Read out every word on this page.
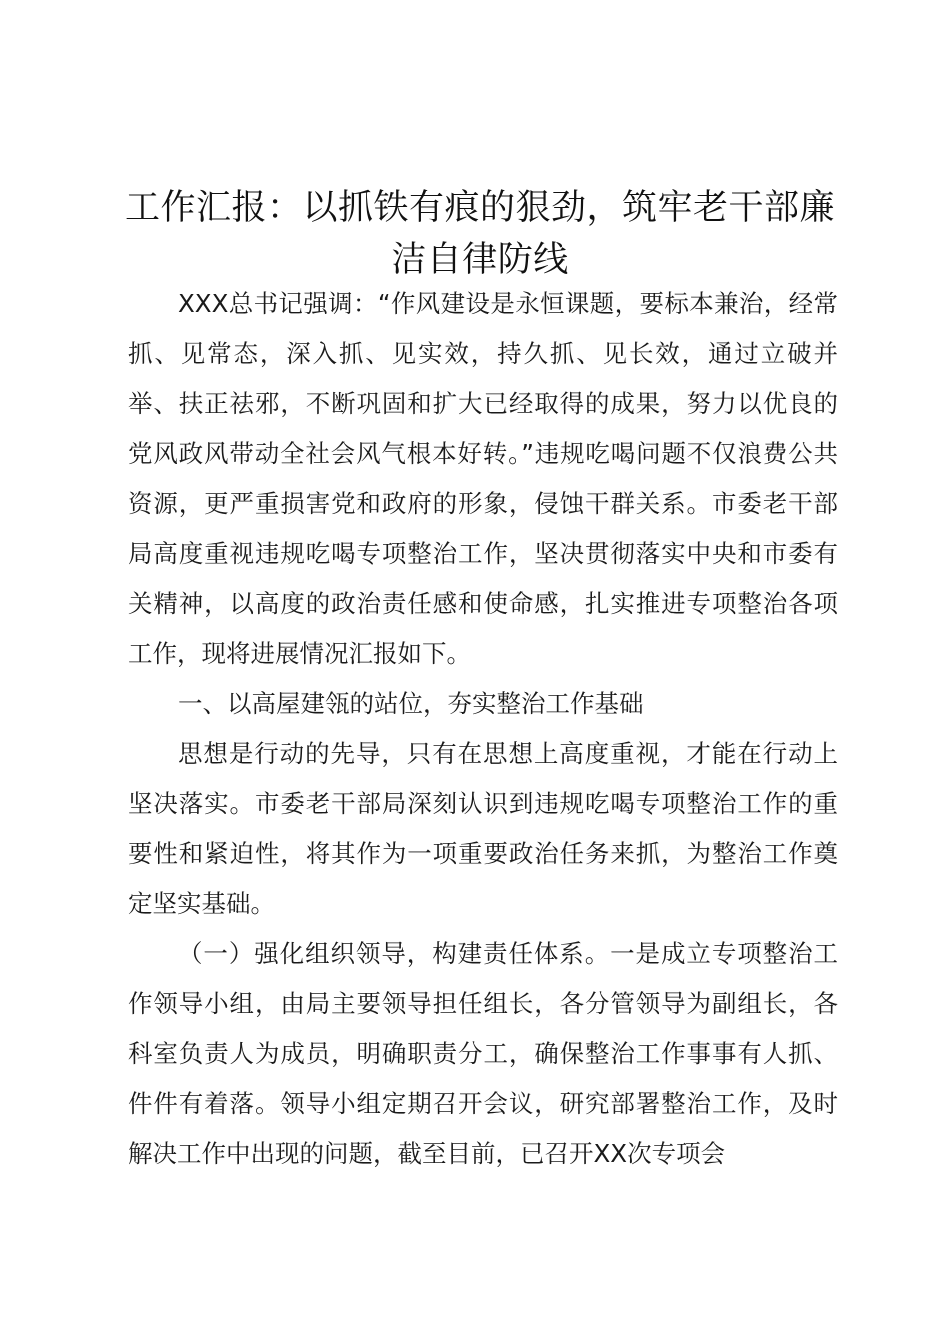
工作汇报：以抓铁有痕的狠劲，筑牢老干部廉洁自律防线
XXX总书记强调：“作风建设是永恒课题，要标本兼治，经常抓、见常态，深入抓、见实效，持久抓、见长效，通过立破并举、扶正祛邪，不断巩固和扩大已经取得的成果，努力以优良的党风政风带动全社会风气根本好转。”违规吃喝问题不仅浪费公共资源，更严重损害党和政府的形象，侵蚀干群关系。市委老干部局高度重视违规吃喝专项整治工作，坚决贯彻落实中央和市委有关精神，以高度的政治责任感和使命感，扎实推进专项整治各项工作，现将进展情况汇报如下。
一、以高屋建瓴的站位，夯实整治工作基础
思想是行动的先导，只有在思想上高度重视，才能在行动上坚决落实。市委老干部局深刻认识到违规吃喝专项整治工作的重要性和紧迫性，将其作为一项重要政治任务来抓，为整治工作奠定坚实基础。
（一）强化组织领导，构建责任体系。一是成立专项整治工作领导小组，由局主要领导担任组长，各分管领导为副组长，各科室负责人为成员，明确职责分工，确保整治工作事事有人抓、件件有着落。领导小组定期召开会议，研究部署整治工作，及时解决工作中出现的问题，截至目前，已召开XX次专项会
